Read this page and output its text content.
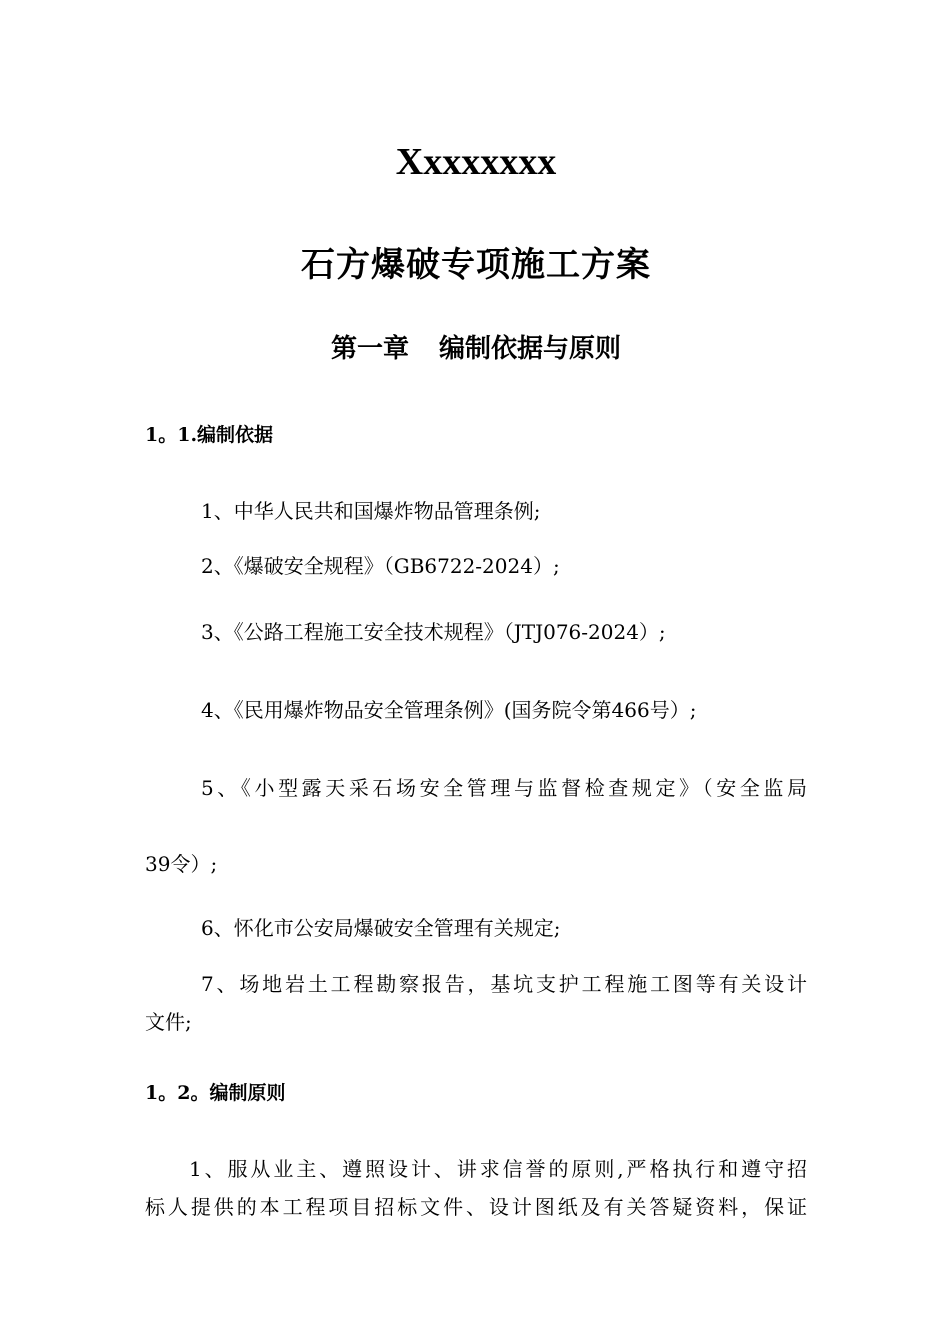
Xxxxxxxx
石方爆破专项施工方案
第一章 编制依据与原则
1。1.编制依据

1、中华人民共和国爆炸物品管理条例;

2、《爆破安全规程》（GB6722-2024）;

3、《公路工程施工安全技术规程》（JTJ076-2024）;

4、《民用爆炸物品安全管理条例》(国务院令第466号）;

5、《小型露天采石场安全管理与监督检查规定》（安全监局

39令）;

6、怀化市公安局爆破安全管理有关规定;

7、场地岩土工程勘察报告，基坑支护工程施工图等有关设计

文件;

1。2。编制原则

1、服从业主、遵照设计、讲求信誉的原则,严格执行和遵守招

标人提供的本工程项目招标文件、设计图纸及有关答疑资料，保证
